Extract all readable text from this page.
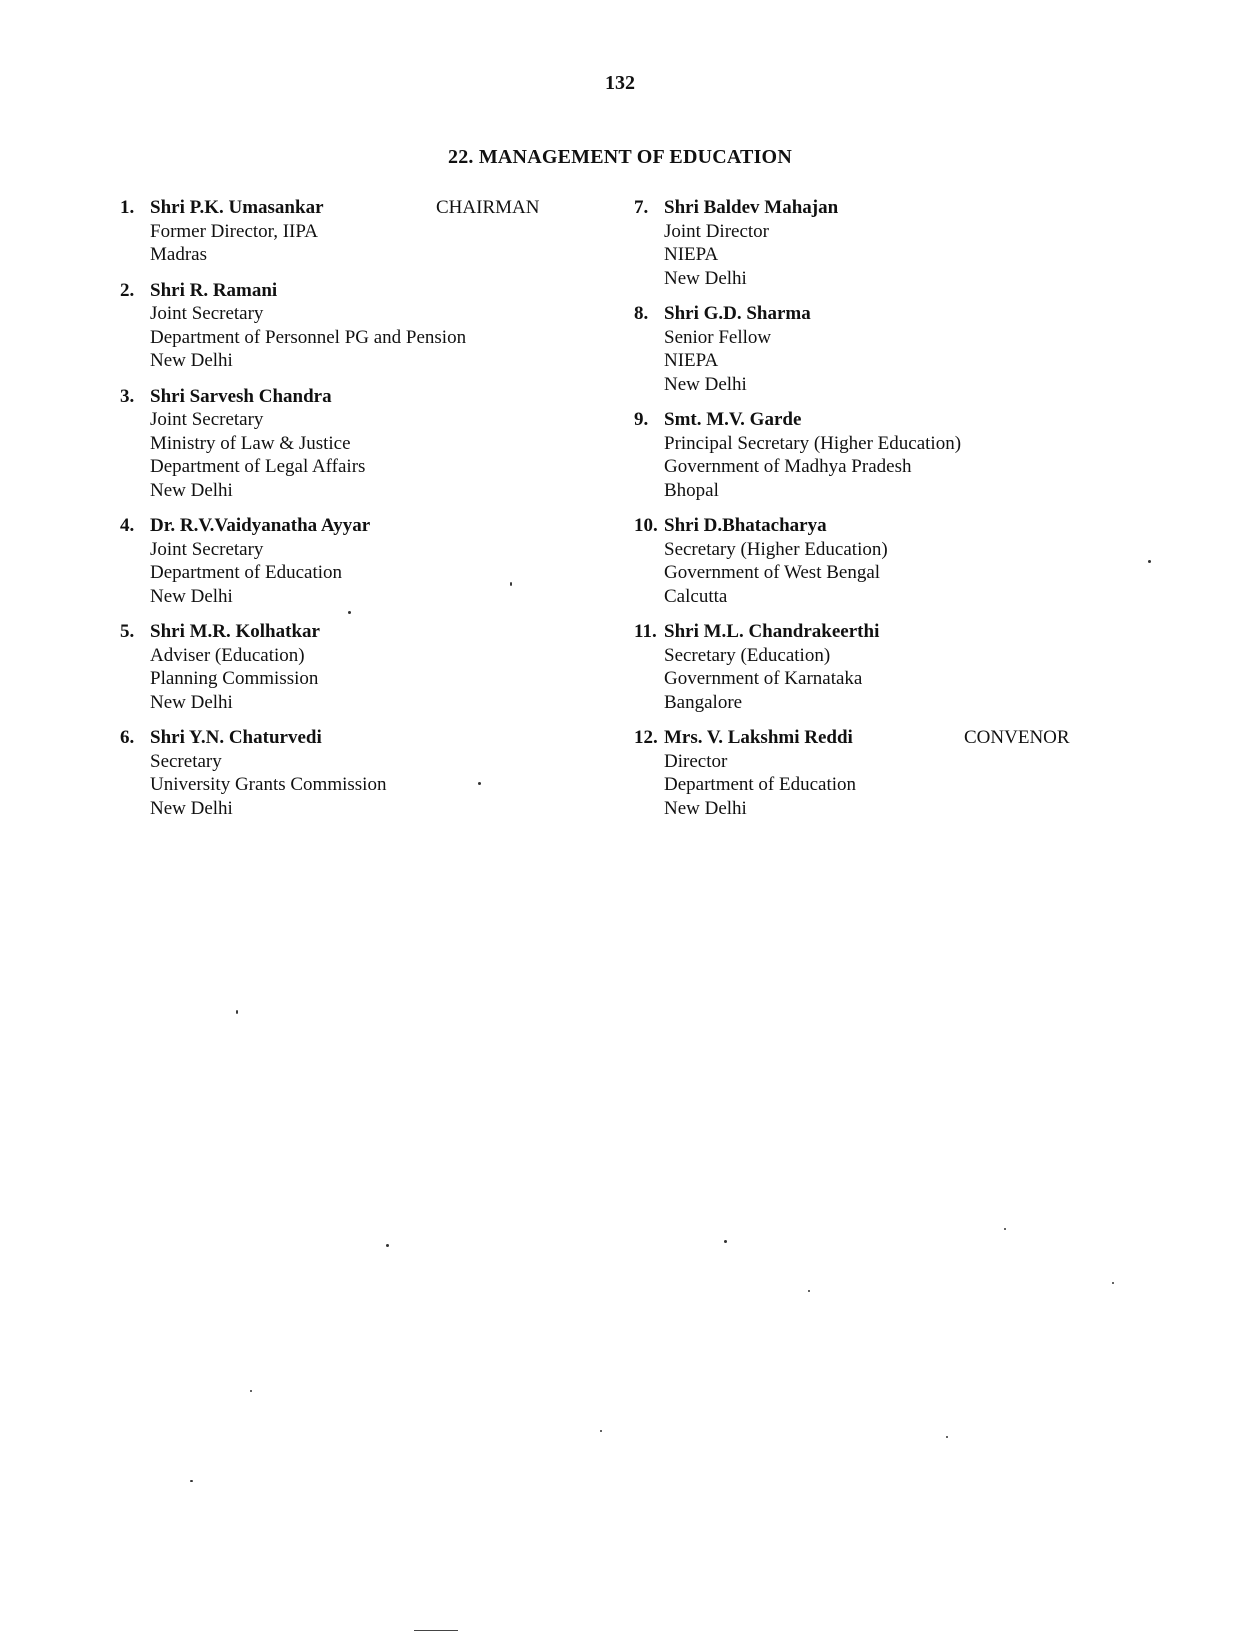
132
22. MANAGEMENT OF EDUCATION
1. Shri P.K. Umasankar
Former Director, IIPA
Madras
CHAIRMAN
2. Shri R. Ramani
Joint Secretary
Department of Personnel PG and Pension
New Delhi
3. Shri Sarvesh Chandra
Joint Secretary
Ministry of Law & Justice
Department of Legal Affairs
New Delhi
4. Dr. R.V.Vaidyanatha Ayyar
Joint Secretary
Department of Education
New Delhi
5. Shri M.R. Kolhatkar
Adviser (Education)
Planning Commission
New Delhi
6. Shri Y.N. Chaturvedi
Secretary
University Grants Commission
New Delhi
7. Shri Baldev Mahajan
Joint Director
NIEPA
New Delhi
8. Shri G.D. Sharma
Senior Fellow
NIEPA
New Delhi
9. Smt. M.V. Garde
Principal Secretary (Higher Education)
Government of Madhya Pradesh
Bhopal
10. Shri D.Bhatacharya
Secretary (Higher Education)
Government of West Bengal
Calcutta
11. Shri M.L. Chandrakeerthi
Secretary (Education)
Government of Karnataka
Bangalore
12. Mrs. V. Lakshmi Reddi
Director
Department of Education
New Delhi
CONVENOR
